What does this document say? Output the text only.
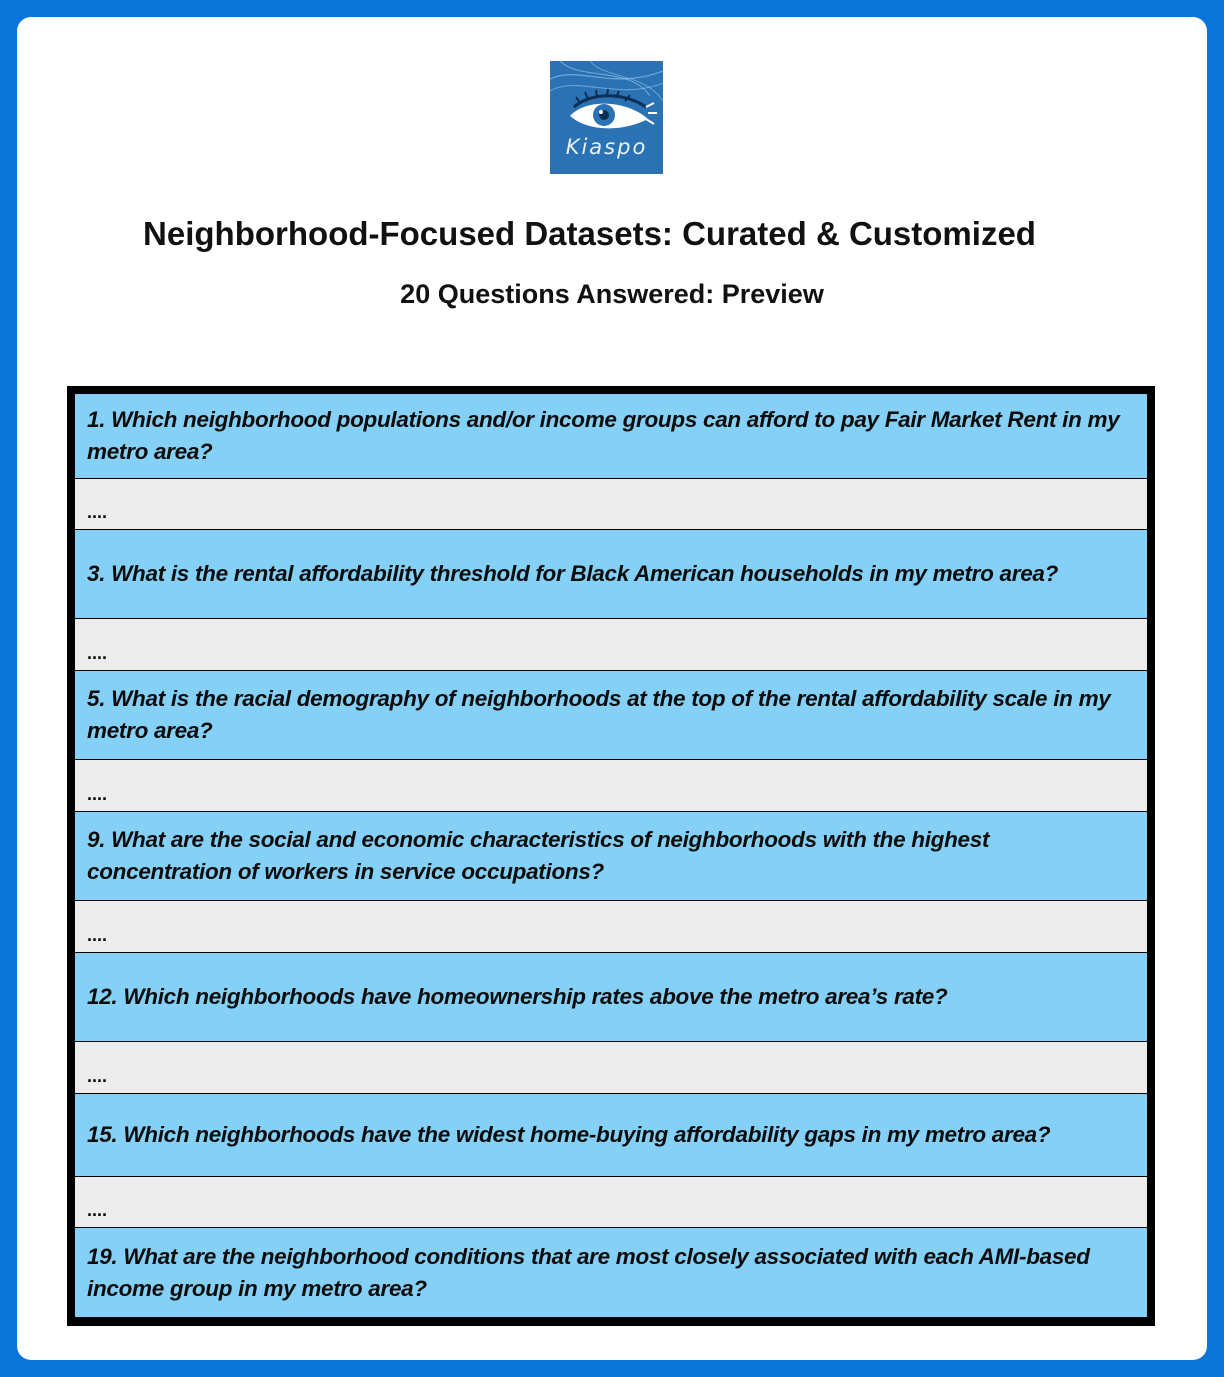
Kiaspo
Neighborhood-Focused Datasets: Curated & Customized
20 Questions Answered: Preview
1. Which neighborhood populations and/or income groups can afford to pay Fair Market Rent in my metro area?
....
3. What is the rental affordability threshold for Black American households in my metro area?
....
5. What is the racial demography of neighborhoods at the top of the rental affordability scale in my metro area?
....
9. What are the social and economic characteristics of neighborhoods with the highest concentration of workers in service occupations?
....
12. Which neighborhoods have homeownership rates above the metro area’s rate?
....
15. Which neighborhoods have the widest home-buying affordability gaps in my metro area?
....
19. What are the neighborhood conditions that are most closely associated with each AMI-based income group in my metro area?
